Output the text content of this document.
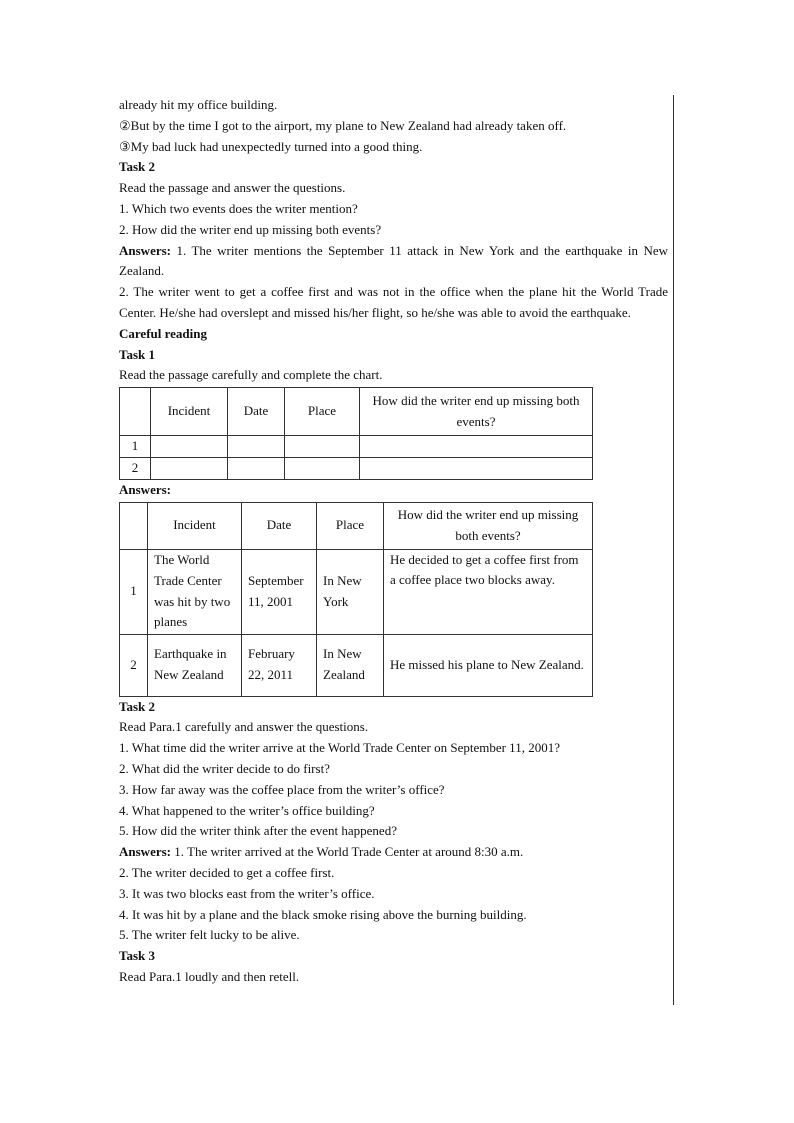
already hit my office building.

②But by the time I got to the airport, my plane to New Zealand had already taken off.

③My bad luck had unexpectedly turned into a good thing.

Task 2

Read the passage and answer the questions.

1. Which two events does the writer mention?

2. How did the writer end up missing both events?

Answers: 1. The writer mentions the September 11 attack in New York and the earthquake in New Zealand.

2. The writer went to get a coffee first and was not in the office when the plane hit the World Trade Center. He/she had overslept and missed his/her flight, so he/she was able to avoid the earthquake.

Careful reading

Task 1

Read the passage carefully and complete the chart.

	Incident	Date	Place	How did the writer end up missing both events?
1				
2				

Answers:

	Incident	Date	Place	How did the writer end up missing both events?
1	The World Trade Center was hit by two planes	September 11, 2001	In New York	He decided to get a coffee first from a coffee place two blocks away.
2	Earthquake in New Zealand	February 22, 2011	In New Zealand	He missed his plane to New Zealand.

Task 2

Read Para.1 carefully and answer the questions.

1. What time did the writer arrive at the World Trade Center on September 11, 2001?

2. What did the writer decide to do first?

3. How far away was the coffee place from the writer’s office?

4. What happened to the writer’s office building?

5. How did the writer think after the event happened?

Answers: 1. The writer arrived at the World Trade Center at around 8:30 a.m.

2. The writer decided to get a coffee first.

3. It was two blocks east from the writer’s office.

4. It was hit by a plane and the black smoke rising above the burning building.

5. The writer felt lucky to be alive.

Task 3

Read Para.1 loudly and then retell.
